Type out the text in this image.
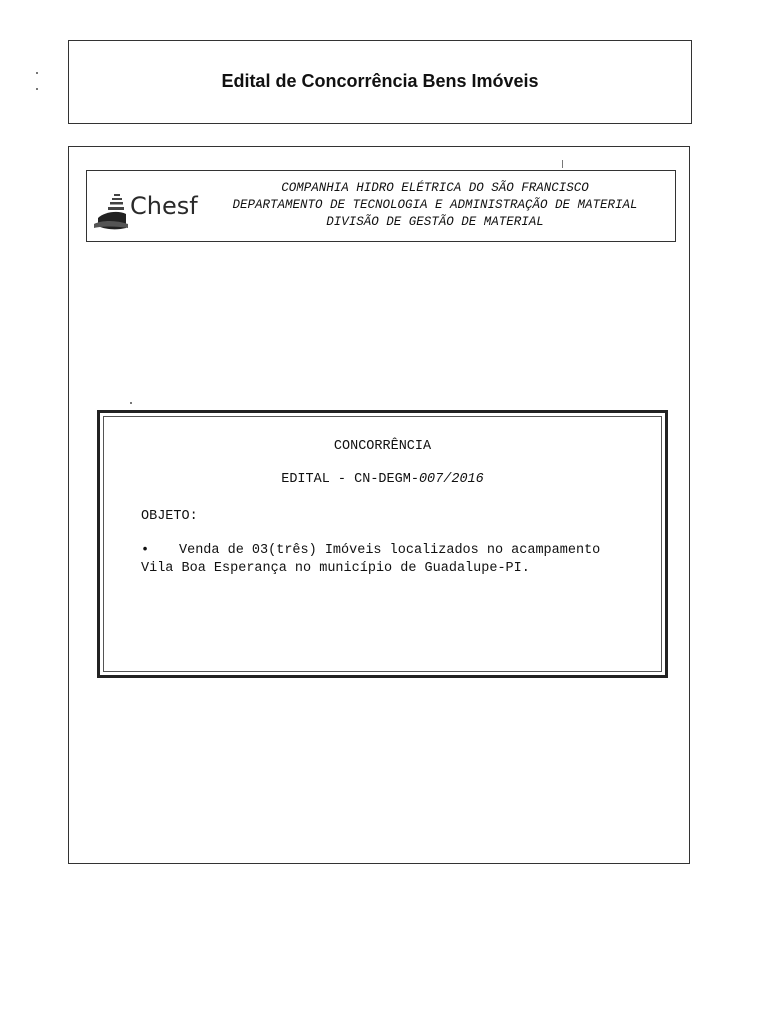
Edital de Concorrência Bens Imóveis
Chesf
COMPANHIA HIDRO ELÉTRICA DO SÃO FRANCISCO
DEPARTAMENTO DE TECNOLOGIA E ADMINISTRAÇÃO DE MATERIAL
DIVISÃO DE GESTÃO DE MATERIAL
CONCORRÊNCIA
EDITAL - CN-DEGM-007/2016
OBJETO:
• Venda de 03(três) Imóveis localizados no acampamento
Vila Boa Esperança no município de Guadalupe-PI.
